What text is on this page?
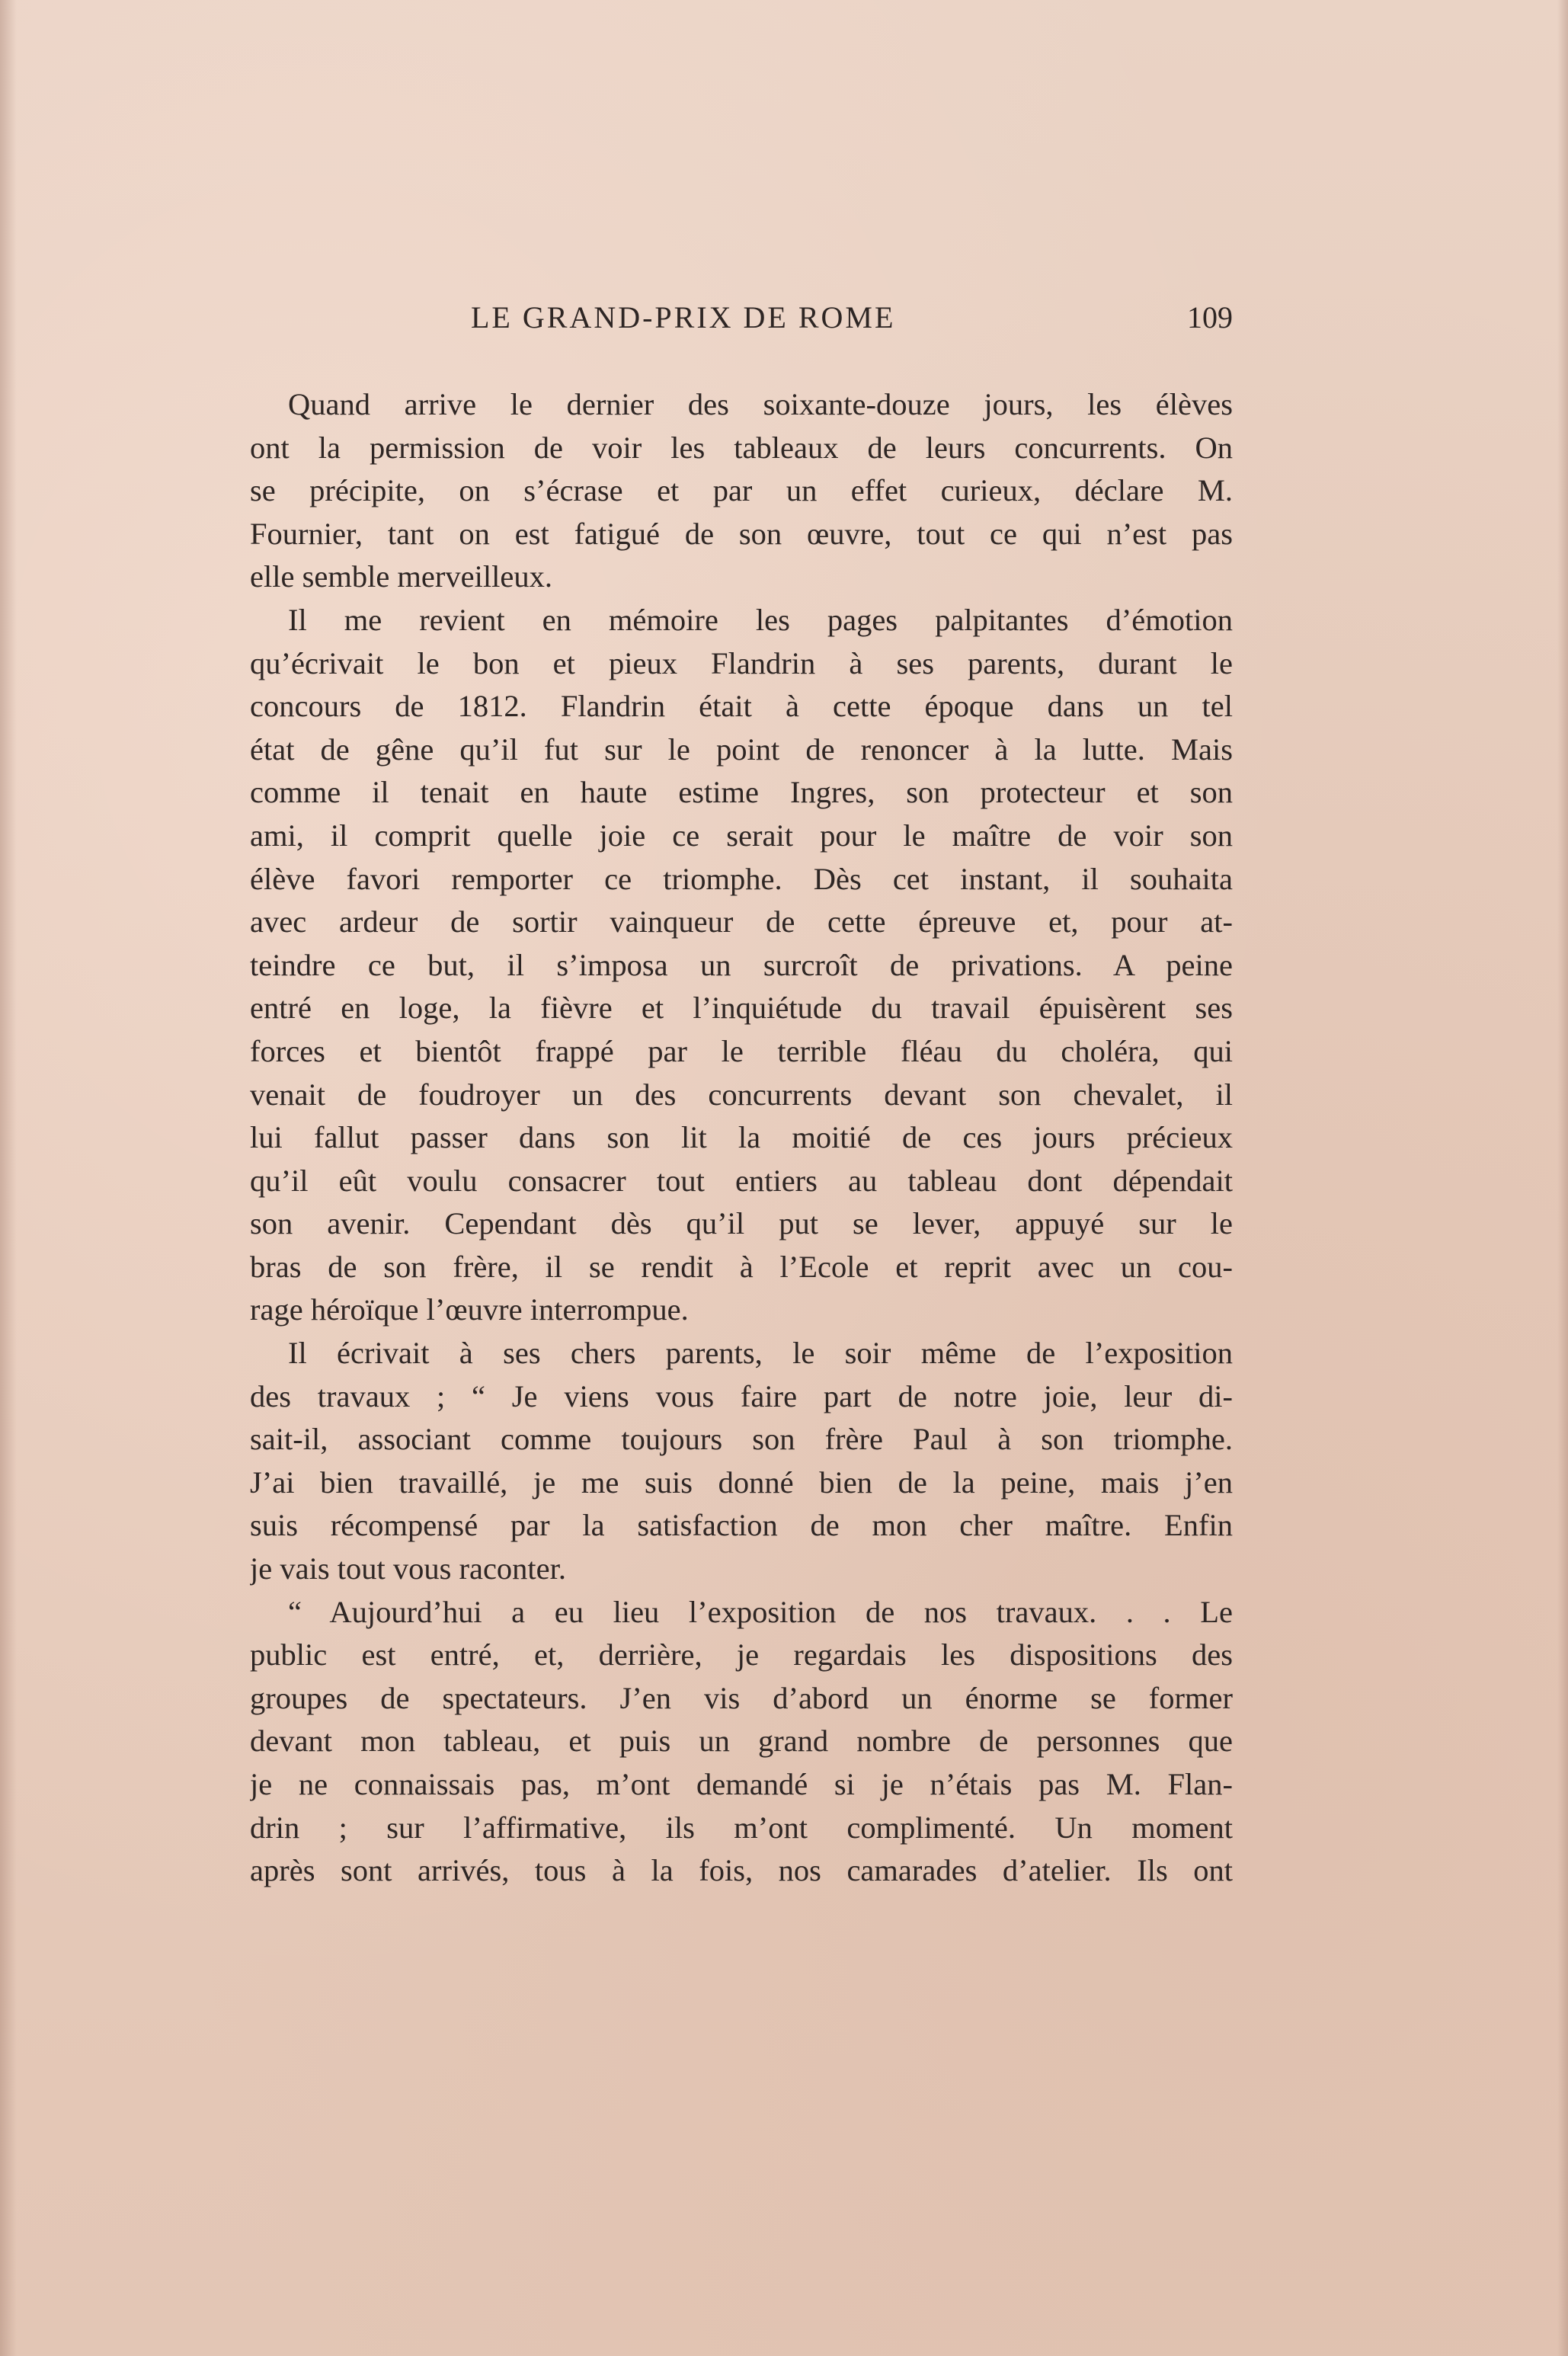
LE GRAND-PRIX DE ROME	109
Quand arrive le dernier des soixante-douze jours, les élèves
ont la permission de voir les tableaux de leurs concurrents. On
se précipite, on s’écrase et par un effet curieux, déclare M.
Fournier, tant on est fatigué de son œuvre, tout ce qui n’est pas
elle semble merveilleux.
Il me revient en mémoire les pages palpitantes d’émotion
qu’écrivait le bon et pieux Flandrin à ses parents, durant le
concours de 1812. Flandrin était à cette époque dans un tel
état de gêne qu’il fut sur le point de renoncer à la lutte. Mais
comme il tenait en haute estime Ingres, son protecteur et son
ami, il comprit quelle joie ce serait pour le maître de voir son
élève favori remporter ce triomphe. Dès cet instant, il souhaita
avec ardeur de sortir vainqueur de cette épreuve et, pour at-
teindre ce but, il s’imposa un surcroît de privations. A peine
entré en loge, la fièvre et l’inquiétude du travail épuisèrent ses
forces et bientôt frappé par le terrible fléau du choléra, qui
venait de foudroyer un des concurrents devant son chevalet, il
lui fallut passer dans son lit la moitié de ces jours précieux
qu’il eût voulu consacrer tout entiers au tableau dont dépendait
son avenir. Cependant dès qu’il put se lever, appuyé sur le
bras de son frère, il se rendit à l’Ecole et reprit avec un cou-
rage héroïque l’œuvre interrompue.
Il écrivait à ses chers parents, le soir même de l’exposition
des travaux ; “ Je viens vous faire part de notre joie, leur di-
sait-il, associant comme toujours son frère Paul à son triomphe.
J’ai bien travaillé, je me suis donné bien de la peine, mais j’en
suis récompensé par la satisfaction de mon cher maître. Enfin
je vais tout vous raconter.
“ Aujourd’hui a eu lieu l’exposition de nos travaux. . . Le
public est entré, et, derrière, je regardais les dispositions des
groupes de spectateurs. J’en vis d’abord un énorme se former
devant mon tableau, et puis un grand nombre de personnes que
je ne connaissais pas, m’ont demandé si je n’étais pas M. Flan-
drin ; sur l’affirmative, ils m’ont complimenté. Un moment
après sont arrivés, tous à la fois, nos camarades d’atelier. Ils ont
